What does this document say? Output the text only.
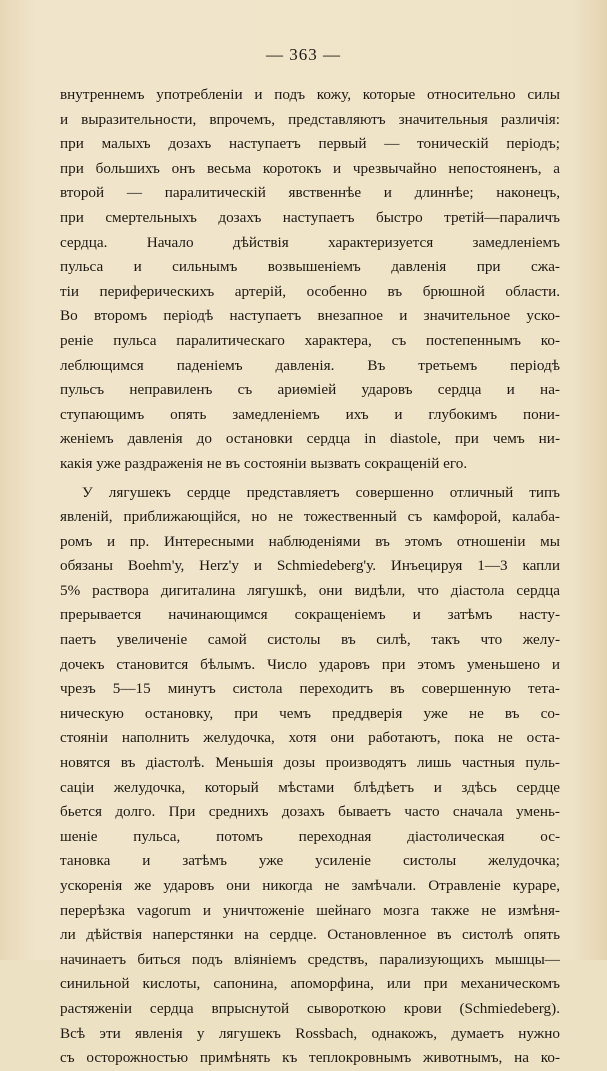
— 363 —
внутреннемъ употребленіи и подъ кожу, которые относительно силы
и выразительности, впрочемъ, представляютъ значительныя различія:
при малыхъ дозахъ наступаетъ первый — тоническій періодъ;
при большихъ онъ весьма коротокъ и чрезвычайно непостояненъ, а
второй — паралитическій явственнѣе и длиннѣе; наконецъ,
при смертельныхъ дозахъ наступаетъ быстро третій—параличъ
сердца. Начало дѣйствія характеризуется замедленіемъ
пульса и сильнымъ возвышеніемъ давленія при сжа-
тіи периферическихъ артерій, особенно въ брюшной области.
Во второмъ періодѣ наступаетъ внезапное и значительное уско-
реніе пульса паралитическаго характера, съ постепеннымъ ко-
леблющимся паденіемъ давленія. Въ третьемъ періодѣ
пульсъ неправиленъ съ ариѳміей ударовъ сердца и на-
ступающимъ опять замедленіемъ ихъ и глубокимъ пони-
женіемъ давленія до остановки сердца in diastole, при чемъ ни-
какія уже раздраженія не въ состояніи вызвать сокращеній его.
У лягушекъ сердце представляетъ совершенно отличный типъ
явленій, приближающійся, но не тожественный съ камфорой, калаба-
ромъ и пр. Интересными наблюденіями въ этомъ отношеніи мы
обязаны Boehm'у, Herz'у и Schmiedeberg'у. Инъецируя 1—3 капли
5% раствора дигиталина лягушкѣ, они видѣли, что діастола сердца
прерывается начинающимся сокращеніемъ и затѣмъ насту-
паетъ увеличеніе самой систолы въ силѣ, такъ что желу-
дочекъ становится бѣлымъ. Число ударовъ при этомъ уменьшено и
чрезъ 5—15 минутъ систола переходитъ въ совершенную тета-
ническую остановку, при чемъ преддверія уже не въ со-
стояніи наполнить желудочка, хотя они работаютъ, пока не оста-
новятся въ діастолѣ. Меньшія дозы производятъ лишь частныя пуль-
саціи желудочка, который мѣстами блѣдѣетъ и здѣсь сердце
бьется долго. При среднихъ дозахъ бываетъ часто сначала умень-
шеніе пульса, потомъ переходная діастолическая ос-
тановка и затѣмъ уже усиленіе систолы желудочка;
ускоренія же ударовъ они никогда не замѣчали. Отравленіе кураре,
перерѣзка vagorum и уничтоженіе шейнаго мозга также не измѣня-
ли дѣйствія наперстянки на сердце. Остановленное въ систолѣ опять
начинаетъ биться подъ вліяніемъ средствъ, парализующихъ мышцы—
синильной кислоты, сапонина, апоморфина, или при механическомъ
растяженіи сердца впрыснутой сывороткою крови (Schmiedeberg).
Всѣ эти явленія у лягушекъ Rossbach, однакожъ, думаетъ нужно
съ осторожностью примѣнять къ теплокровнымъ животнымъ, на ко-
